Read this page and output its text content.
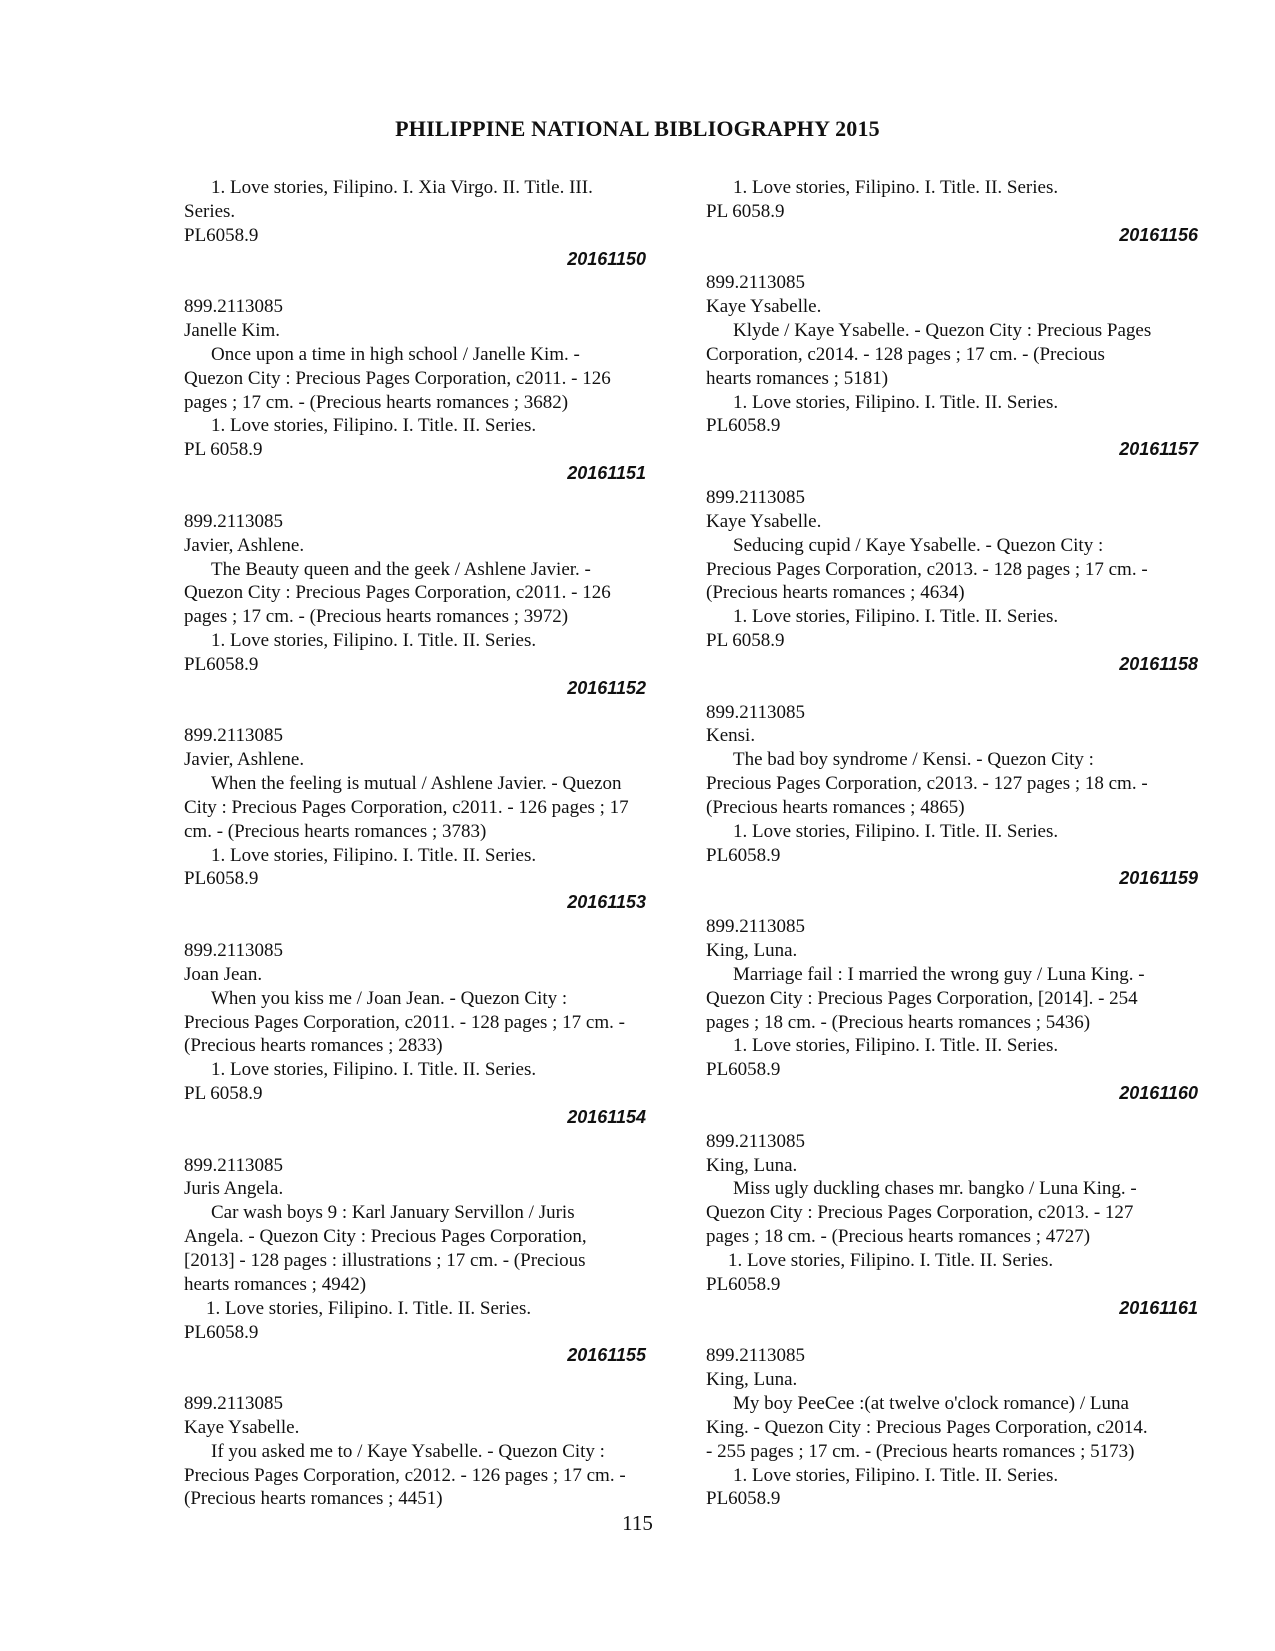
PHILIPPINE NATIONAL BIBLIOGRAPHY 2015
1. Love stories, Filipino. I. Xia Virgo. II. Title. III.
Series.
PL6058.9
20161150
899.2113085
Janelle Kim.
Once upon a time in high school / Janelle Kim. -
Quezon City : Precious Pages Corporation, c2011. - 126
pages ; 17 cm. - (Precious hearts romances ; 3682)
1. Love stories, Filipino. I. Title. II. Series.
PL 6058.9
20161151
899.2113085
Javier, Ashlene.
The Beauty queen and the geek / Ashlene Javier. -
Quezon City : Precious Pages Corporation, c2011. - 126
pages ; 17 cm. - (Precious hearts romances ; 3972)
1. Love stories, Filipino. I. Title. II. Series.
PL6058.9
20161152
899.2113085
Javier, Ashlene.
When the feeling is mutual / Ashlene Javier. - Quezon
City : Precious Pages Corporation, c2011. - 126 pages ; 17
cm. - (Precious hearts romances ; 3783)
1. Love stories, Filipino. I. Title. II. Series.
PL6058.9
20161153
899.2113085
Joan Jean.
When you kiss me / Joan Jean. - Quezon City :
Precious Pages Corporation, c2011. - 128 pages ; 17 cm. -
(Precious hearts romances ; 2833)
1. Love stories, Filipino. I. Title. II. Series.
PL 6058.9
20161154
899.2113085
Juris Angela.
Car wash boys 9 : Karl January Servillon / Juris
Angela. - Quezon City : Precious Pages Corporation,
[2013] - 128 pages : illustrations ; 17 cm. - (Precious
hearts romances ; 4942)
1. Love stories, Filipino. I. Title. II. Series.
PL6058.9
20161155
899.2113085
Kaye Ysabelle.
If you asked me to / Kaye Ysabelle. - Quezon City :
Precious Pages Corporation, c2012. - 126 pages ; 17 cm. -
(Precious hearts romances ; 4451)
1. Love stories, Filipino. I. Title. II. Series.
PL 6058.9
20161156
899.2113085
Kaye Ysabelle.
Klyde / Kaye Ysabelle. - Quezon City : Precious Pages
Corporation, c2014. - 128 pages ; 17 cm. - (Precious
hearts romances ; 5181)
1. Love stories, Filipino. I. Title. II. Series.
PL6058.9
20161157
899.2113085
Kaye Ysabelle.
Seducing cupid / Kaye Ysabelle. - Quezon City :
Precious Pages Corporation, c2013. - 128 pages ; 17 cm. -
(Precious hearts romances ; 4634)
1. Love stories, Filipino. I. Title. II. Series.
PL 6058.9
20161158
899.2113085
Kensi.
The bad boy syndrome / Kensi. - Quezon City :
Precious Pages Corporation, c2013. - 127 pages ; 18 cm. -
(Precious hearts romances ; 4865)
1. Love stories, Filipino. I. Title. II. Series.
PL6058.9
20161159
899.2113085
King, Luna.
Marriage fail : I married the wrong guy / Luna King. -
Quezon City : Precious Pages Corporation, [2014]. - 254
pages ; 18 cm. - (Precious hearts romances ; 5436)
1. Love stories, Filipino. I. Title. II. Series.
PL6058.9
20161160
899.2113085
King, Luna.
Miss ugly duckling chases mr. bangko / Luna King. -
Quezon City : Precious Pages Corporation, c2013. - 127
pages ; 18 cm. - (Precious hearts romances ; 4727)
1. Love stories, Filipino. I. Title. II. Series.
PL6058.9
20161161
899.2113085
King, Luna.
My boy PeeCee :(at twelve o'clock romance) / Luna
King. - Quezon City : Precious Pages Corporation, c2014.
- 255 pages ; 17 cm. - (Precious hearts romances ; 5173)
1. Love stories, Filipino. I. Title. II. Series.
PL6058.9
115
